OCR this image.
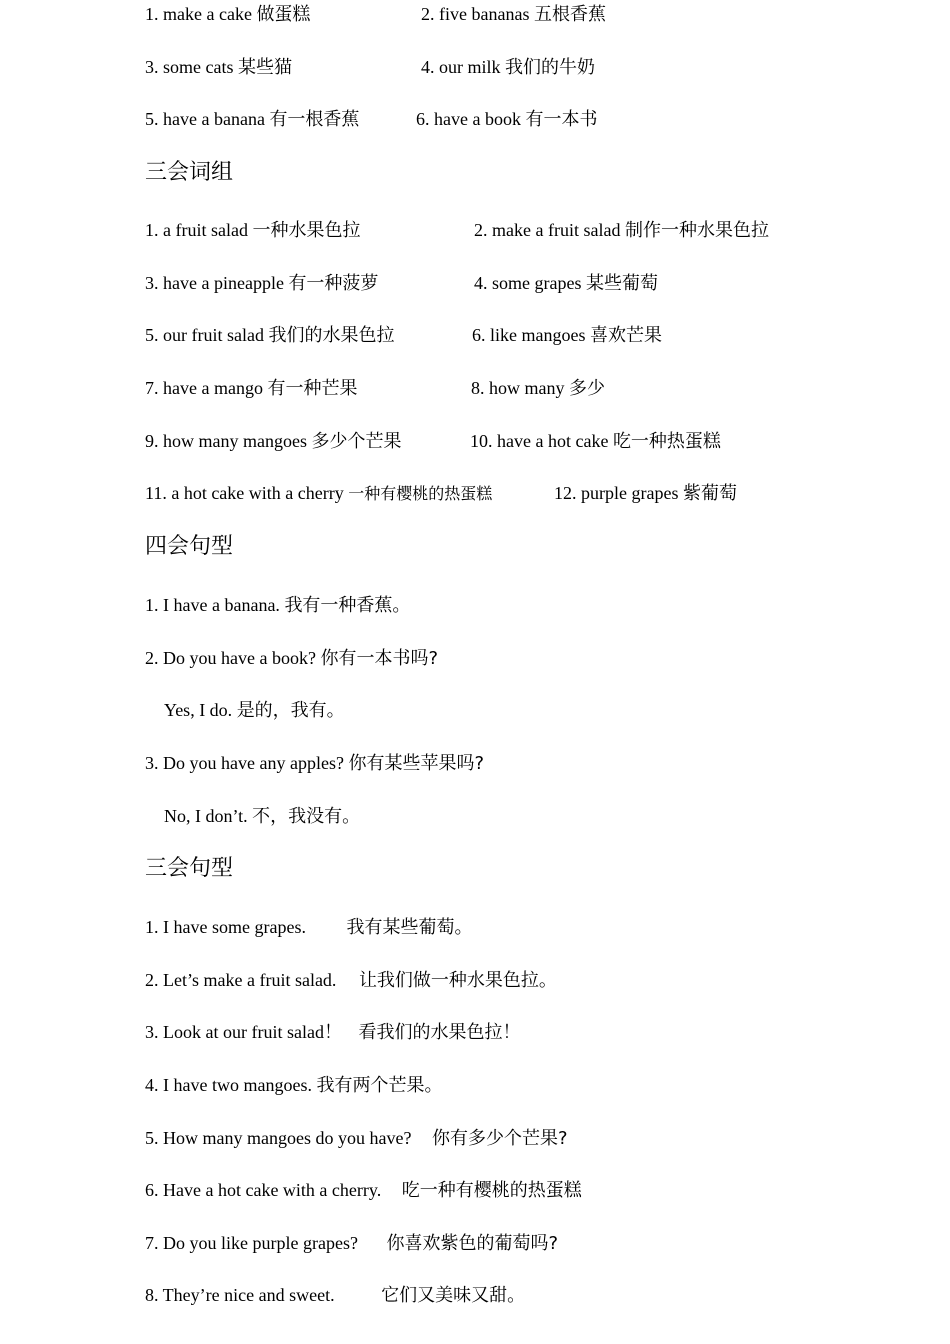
1. make a cake 做蛋糕	2. five bananas 五根香蕉
3. some cats 某些猫	4. our milk 我们的牛奶
5. have a banana 有一根香蕉	6. have a book 有一本书
三会词组
1. a fruit salad 一种水果色拉	2. make a fruit salad 制作一种水果色拉
3. have a pineapple 有一种菠萝	4. some grapes 某些葡萄
5. our fruit salad 我们的水果色拉	6. like mangoes 喜欢芒果
7. have a mango 有一种芒果	8. how many 多少
9. how many mangoes 多少个芒果	10. have a hot cake 吃一种热蛋糕
11. a hot cake with a cherry 一种有樱桃的热蛋糕	12. purple grapes 紫葡萄
四会句型
1. I have a banana. 我有一种香蕉。
2. Do you have a book? 你有一本书吗?
Yes, I do. 是的，我有。
3. Do you have any apples? 你有某些苹果吗?
No, I don’t. 不，我没有。
三会句型
1. I have some grapes. 我有某些葡萄。
2. Let’s make a fruit salad. 让我们做一种水果色拉。
3. Look at our fruit salad！ 看我们的水果色拉！
4. I have two mangoes. 我有两个芒果。
5. How many mangoes do you have? 你有多少个芒果?
6. Have a hot cake with a cherry. 吃一种有樱桃的热蛋糕
7. Do you like purple grapes? 你喜欢紫色的葡萄吗?
8. They’re nice and sweet.	它们又美味又甜。
